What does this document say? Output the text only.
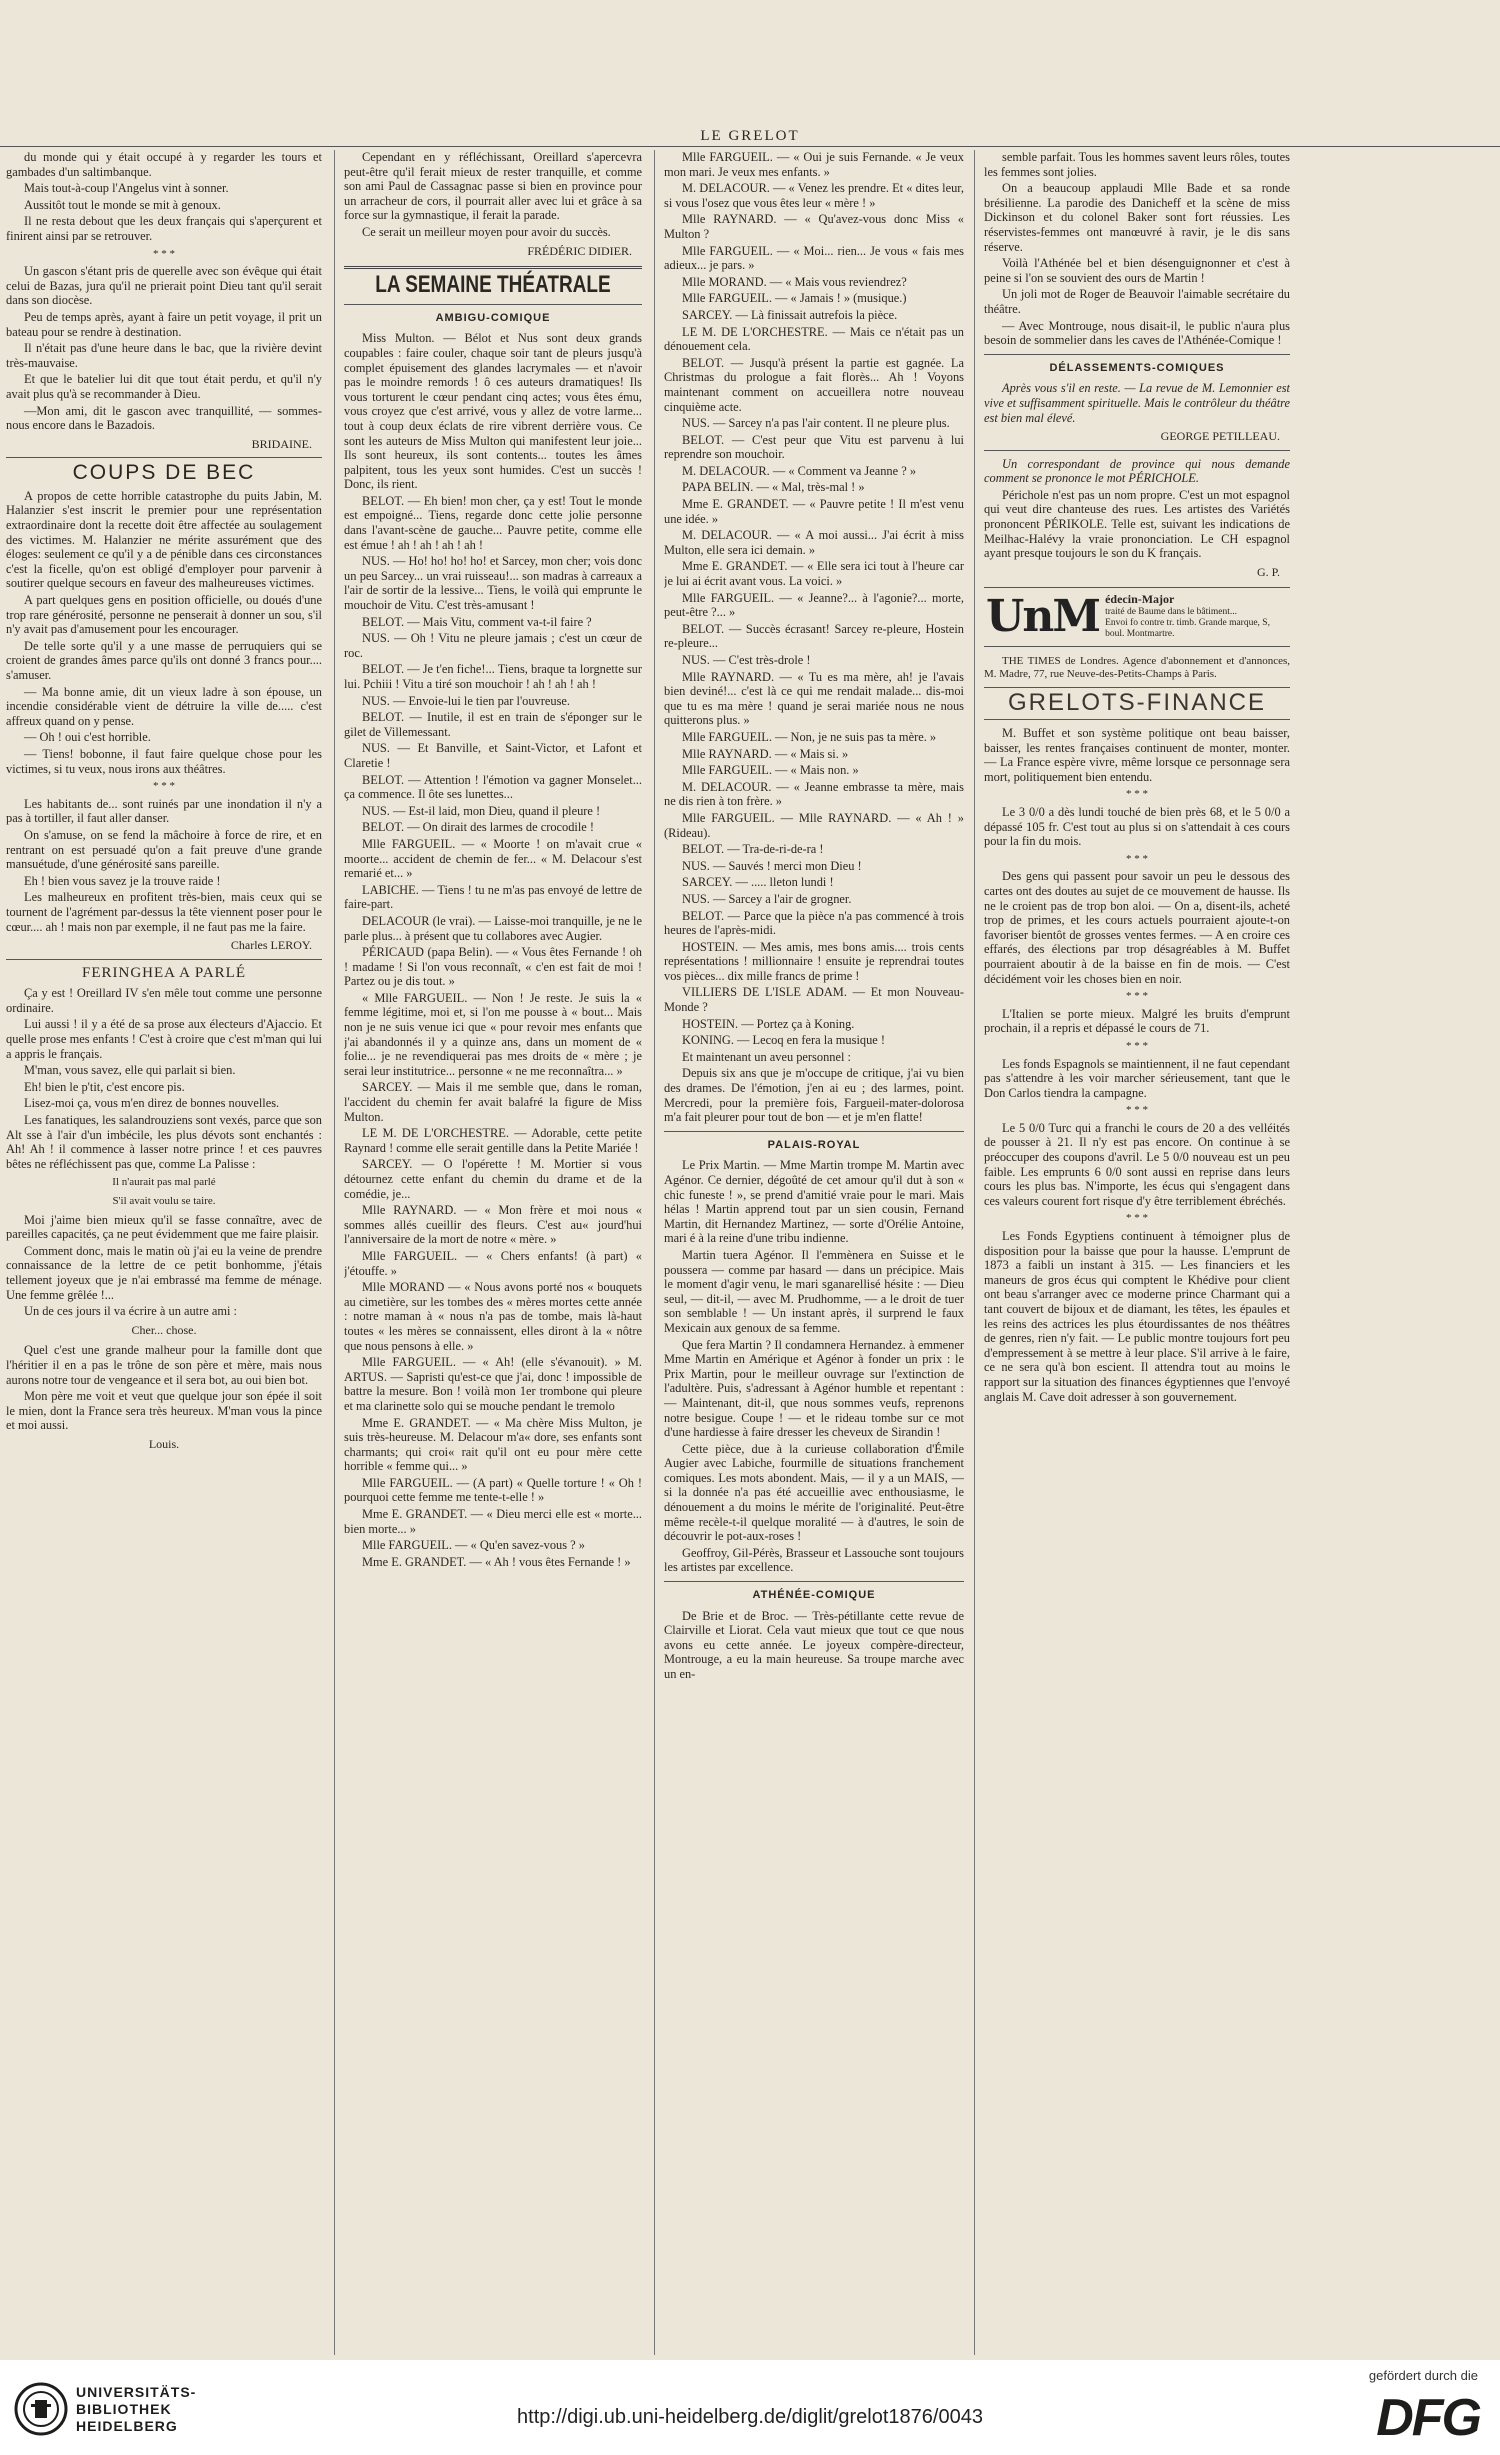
LE GRELOT

du monde qui y était occupé à y regarder les tours et gambades d'un saltimbanque.

Mais tout-à-coup l'Angelus vint à sonner.

Aussitôt tout le monde se mit à genoux.

Il ne resta debout que les deux français qui s'aperçurent et finirent ainsi par se retrouver.

* * *

Un gascon s'étant pris de querelle avec son évêque qui était celui de Bazas, jura qu'il ne prierait point Dieu tant qu'il serait dans son diocèse.

Peu de temps après, ayant à faire un petit voyage, il prit un bateau pour se rendre à destination.

Il n'était pas d'une heure dans le bac, que la rivière devint très-mauvaise.

Et que le batelier lui dit que tout était perdu, et qu'il n'y avait plus qu'à se recommander à Dieu.

—Mon ami, dit le gascon avec tranquillité, — sommes-nous encore dans le Bazadois.

BRIDAINE.
COUPS DE BEC

A propos de cette horrible catastrophe du puits Jabin, M. Halanzier s'est inscrit le premier pour une représentation extraordinaire dont la recette doit être affectée au soulagement des victimes. M. Halanzier ne mérite assurément que des éloges: seulement ce qu'il y a de pénible dans ces circonstances c'est la ficelle, qu'on est obligé d'employer pour parvenir à soutirer quelque secours en faveur des malheureuses victimes.

A part quelques gens en position officielle, ou doués d'une trop rare générosité, personne ne penserait à donner un sou, s'il n'y avait pas d'amusement pour les encourager.

De telle sorte qu'il y a une masse de perruquiers qui se croient de grandes âmes parce qu'ils ont donné 3 francs pour.... s'amuser.

— Ma bonne amie, dit un vieux ladre à son épouse, un incendie considérable vient de détruire la ville de..... c'est affreux quand on y pense.

— Oh ! oui c'est horrible.

— Tiens! bobonne, il faut faire quelque chose pour les victimes, si tu veux, nous irons aux théâtres.

* * *

Les habitants de... sont ruinés par une inondation il n'y a pas à tortiller, il faut aller danser.

On s'amuse, on se fend la mâchoire à force de rire, et en rentrant on est persuadé qu'on a fait preuve d'une grande mansuétude, d'une générosité sans pareille.

Eh ! bien vous savez je la trouve raide !

Les malheureux en profitent très-bien, mais ceux qui se tournent de l'agrément par-dessus la tête viennent poser pour le cœur.... ah ! mais non par exemple, il ne faut pas me la faire.

Charles LEROY.
FERINGHEA A PARLÉ

Ça y est ! Oreillard IV s'en mêle tout comme une personne ordinaire.

Lui aussi ! il y a été de sa prose aux électeurs d'Ajaccio. Et quelle prose mes enfants ! C'est à croire que c'est m'man qui lui a appris le français.

M'man, vous savez, elle qui parlait si bien.

Eh! bien le p'tit, c'est encore pis.

Lisez-moi ça, vous m'en direz de bonnes nouvelles.

Les fanatiques, les salandrouziens sont vexés, parce que son Alt sse à l'air d'un imbécile, les plus dévots sont enchantés : Ah! Ah ! il commence à lasser notre prince ! et ces pauvres bêtes ne réfléchissent pas que, comme La Palisse :

Il n'aurait pas mal parlé
S'il avait voulu se taire.

Moi j'aime bien mieux qu'il se fasse connaître, avec de pareilles capacités, ça ne peut évidemment que me faire plaisir.

Comment donc, mais le matin où j'ai eu la veine de prendre connaissance de la lettre de ce petit bonhomme, j'étais tellement joyeux que je n'ai embrassé ma femme de ménage. Une femme grêlée !...

Un de ces jours il va écrire à un autre ami :

Cher... chose.

Quel c'est une grande malheur pour la famille dont que l'héritier il en a pas le trône de son père et mère, mais nous aurons notre tour de vengeance et il sera bot, au oui bien bot.

Mon père me voit et veut que quelque jour son épée il soit le mien, dont la France sera très heureux. M'man vous la pince et moi aussi.

Louis.

Cependant en y réfléchissant, Oreillard s'apercevra peut-être qu'il ferait mieux de rester tranquille, et comme son ami Paul de Cassagnac passe si bien en province pour un arracheur de cors, il pourrait aller avec lui et grâce à sa force sur la gymnastique, il ferait la parade.

Ce serait un meilleur moyen pour avoir du succès.

FRÉDÉRIC DIDIER.
LA SEMAINE THÉATRALE
AMBIGU-COMIQUE

Miss Multon. — Bélot et Nus sont deux grands coupables : faire couler, chaque soir tant de pleurs jusqu'à complet épuisement des glandes lacrymales — et n'avoir pas le moindre remords ! ô ces auteurs dramatiques! Ils vous torturent le cœur pendant cinq actes; vous êtes ému, vous croyez que c'est arrivé, vous y allez de votre larme... tout à coup deux éclats de rire vibrent derrière vous. Ce sont les auteurs de Miss Multon qui manifestent leur joie... Ils sont heureux, ils sont contents... toutes les âmes palpitent, tous les yeux sont humides. C'est un succès ! Donc, ils rient.

BELOT. — Eh bien! mon cher, ça y est! Tout le monde est empoigné... Tiens, regarde donc cette jolie personne dans l'avant-scène de gauche... Pauvre petite, comme elle est émue ! ah ! ah ! ah ! ah !

NUS. — Ho! ho! ho! ho! et Sarcey, mon cher; vois donc un peu Sarcey... un vrai ruisseau!... son madras à carreaux a l'air de sortir de la lessive... Tiens, le voilà qui emprunte le mouchoir de Vitu. C'est très-amusant !

BELOT. — Mais Vitu, comment va-t-il faire ?

NUS. — Oh ! Vitu ne pleure jamais ; c'est un cœur de roc.

BELOT. — Je t'en fiche!... Tiens, braque ta lorgnette sur lui. Pchiii ! Vitu a tiré son mouchoir ! ah ! ah ! ah !

NUS. — Envoie-lui le tien par l'ouvreuse.

BELOT. — Inutile, il est en train de s'éponger sur le gilet de Villemessant.

NUS. — Et Banville, et Saint-Victor, et Lafont et Claretie !

BELOT. — Attention ! l'émotion va gagner Monselet... ça commence. Il ôte ses lunettes...

NUS. — Est-il laid, mon Dieu, quand il pleure !

BELOT. — On dirait des larmes de crocodile !

Mlle FARGUEIL. — « Moorte ! on m'avait crue « moorte... accident de chemin de fer... « M. Delacour s'est remarié et... »

LABICHE. — Tiens ! tu ne m'as pas envoyé de lettre de faire-part.

DELACOUR (le vrai). — Laisse-moi tranquille, je ne le parle plus... à présent que tu collabores avec Augier.

PÉRICAUD (papa Belin). — « Vous êtes Fernande ! oh ! madame ! Si l'on vous reconnaît, « c'en est fait de moi ! Partez ou je dis tout. »

« Mlle FARGUEIL. — Non ! Je reste. Je suis la « femme légitime, moi et, si l'on me pousse à « bout... Mais non je ne suis venue ici que « pour revoir mes enfants que j'ai abandonnés il y a quinze ans, dans un moment de « folie... je ne revendiquerai pas mes droits de « mère ; je serai leur institutrice... personne « ne me reconnaîtra... »

SARCEY. — Mais il me semble que, dans le roman, l'accident du chemin fer avait balafré la figure de Miss Multon.

LE M. DE L'ORCHESTRE. — Adorable, cette petite Raynard ! comme elle serait gentille dans la Petite Mariée !

SARCEY. — O l'opérette ! M. Mortier si vous détournez cette enfant du chemin du drame et de la comédie, je...

Mlle RAYNARD. — « Mon frère et moi nous « sommes allés cueillir des fleurs. C'est au« jourd'hui l'anniversaire de la mort de notre « mère. »

Mlle FARGUEIL. — « Chers enfants! (à part) « j'étouffe. »

Mlle MORAND — « Nous avons porté nos « bouquets au cimetière, sur les tombes des « mères mortes cette année : notre maman à « nous n'a pas de tombe, mais là-haut toutes « les mères se connaissent, elles diront à la « nôtre que nous pensons à elle. »

Mlle FARGUEIL. — « Ah! (elle s'évanouit). » M. ARTUS. — Sapristi qu'est-ce que j'ai, donc ! impossible de battre la mesure. Bon ! voilà mon 1er trombone qui pleure et ma clarinette solo qui se mouche pendant le tremolo

Mme E. GRANDET. — « Ma chère Miss Multon, je suis très-heureuse. M. Delacour m'a« dore, ses enfants sont charmants; qui croi« rait qu'il ont eu pour mère cette horrible « femme qui... »

Mlle FARGUEIL. — (A part) « Quelle torture ! « Oh ! pourquoi cette femme me tente-t-elle ! »

Mme E. GRANDET. — « Dieu merci elle est « morte... bien morte... »

Mlle FARGUEIL. — « Qu'en savez-vous ? »

Mme E. GRANDET. — « Ah ! vous êtes Fernande ! »

Mlle FARGUEIL. — « Oui je suis Fernande. « Je veux mon mari. Je veux mes enfants. »

M. DELACOUR. — « Venez les prendre. Et « dites leur, si vous l'osez que vous êtes leur « mère ! »

Mlle RAYNARD. — « Qu'avez-vous donc Miss « Multon ?

Mlle FARGUEIL. — « Moi... rien... Je vous « fais mes adieux... je pars. »

Mlle MORAND. — « Mais vous reviendrez?

Mlle FARGUEIL. — « Jamais ! » (musique.)

SARCEY. — Là finissait autrefois la pièce.

LE M. DE L'ORCHESTRE. — Mais ce n'était pas un dénouement cela.

BELOT. — Jusqu'à présent la partie est gagnée. La Christmas du prologue a fait florès... Ah ! Voyons maintenant comment on accueillera notre nouveau cinquième acte.

NUS. — Sarcey n'a pas l'air content. Il ne pleure plus.

BELOT. — C'est peur que Vitu est parvenu à lui reprendre son mouchoir.

M. DELACOUR. — « Comment va Jeanne ? »

PAPA BELIN. — « Mal, très-mal ! »

Mme E. GRANDET. — « Pauvre petite ! Il m'est venu une idée. »

M. DELACOUR. — « A moi aussi... J'ai écrit à miss Multon, elle sera ici demain. »

Mme E. GRANDET. — « Elle sera ici tout à l'heure car je lui ai écrit avant vous. La voici. »

Mlle FARGUEIL. — « Jeanne?... à l'agonie?... morte, peut-être ?... »

BELOT. — Succès écrasant! Sarcey re-pleure, Hostein re-pleure...

NUS. — C'est très-drole !

Mlle RAYNARD. — « Tu es ma mère, ah! je l'avais bien deviné!... c'est là ce qui me rendait malade... dis-moi que tu es ma mère ! quand je serai mariée nous ne nous quitterons plus. »

Mlle FARGUEIL. — Non, je ne suis pas ta mère. »

Mlle RAYNARD. — « Mais si. »

Mlle FARGUEIL. — « Mais non. »

M. DELACOUR. — « Jeanne embrasse ta mère, mais ne dis rien à ton frère. »

Mlle FARGUEIL. — Mlle RAYNARD. — « Ah ! » (Rideau).

BELOT. — Tra-de-ri-de-ra !

NUS. — Sauvés ! merci mon Dieu !

SARCEY. — ..... lleton lundi !

NUS. — Sarcey a l'air de grogner.

BELOT. — Parce que la pièce n'a pas commencé à trois heures de l'après-midi.

HOSTEIN. — Mes amis, mes bons amis.... trois cents représentations ! millionnaire ! ensuite je reprendrai toutes vos pièces... dix mille francs de prime !

VILLIERS DE L'ISLE ADAM. — Et mon Nouveau-Monde ?

HOSTEIN. — Portez ça à Koning.

KONING. — Lecoq en fera la musique !

Et maintenant un aveu personnel :

Depuis six ans que je m'occupe de critique, j'ai vu bien des drames. De l'émotion, j'en ai eu ; des larmes, point. Mercredi, pour la première fois, Fargueil-mater-dolorosa m'a fait pleurer pour tout de bon — et je m'en flatte!

PALAIS-ROYAL

Le Prix Martin. — Mme Martin trompe M. Martin avec Agénor. Ce dernier, dégoûté de cet amour qu'il dut à son « chic funeste ! », se prend d'amitié vraie pour le mari. Mais hélas ! Martin apprend tout par un sien cousin, Fernand Martin, dit Hernandez Martinez, — sorte d'Orélie Antoine, mari é à la reine d'une tribu indienne.

Martin tuera Agénor. Il l'emmènera en Suisse et le poussera — comme par hasard — dans un précipice. Mais le moment d'agir venu, le mari sganarellisé hésite : — Dieu seul, — dit-il, — avec M. Prudhomme, — a le droit de tuer son semblable ! — Un instant après, il surprend le faux Mexicain aux genoux de sa femme.

Que fera Martin ? Il condamnera Hernandez. à emmener Mme Martin en Amérique et Agénor à fonder un prix : le Prix Martin, pour le meilleur ouvrage sur l'extinction de l'adultère. Puis, s'adressant à Agénor humble et repentant : — Maintenant, dit-il, que nous sommes veufs, reprenons notre besigue. Coupe ! — et le rideau tombe sur ce mot d'une hardiesse à faire dresser les cheveux de Sirandin !

Cette pièce, due à la curieuse collaboration d'Émile Augier avec Labiche, fourmille de situations franchement comiques. Les mots abondent. Mais, — il y a un MAIS, — si la donnée n'a pas été accueillie avec enthousiasme, le dénouement a du moins le mérite de l'originalité. Peut-être même recèle-t-il quelque moralité — à d'autres, le soin de découvrir le pot-aux-roses !

Geoffroy, Gil-Pérès, Brasseur et Lassouche sont toujours les artistes par excellence.

ATHÉNÉE-COMIQUE

De Brie et de Broc. — Très-pétillante cette revue de Clairville et Liorat. Cela vaut mieux que tout ce que nous avons eu cette année. Le joyeux compère-directeur, Montrouge, a eu la main heureuse. Sa troupe marche avec un en-

semble parfait. Tous les hommes savent leurs rôles, toutes les femmes sont jolies.

On a beaucoup applaudi Mlle Bade et sa ronde brésilienne. La parodie des Danicheff et la scène de miss Dickinson et du colonel Baker sont fort réussies. Les réservistes-femmes ont manœuvré à ravir, je le dis sans réserve.

Voilà l'Athénée bel et bien désenguignonner et c'est à peine si l'on se souvient des ours de Martin !

Un joli mot de Roger de Beauvoir l'aimable secrétaire du théâtre.

— Avec Montrouge, nous disait-il, le public n'aura plus besoin de sommelier dans les caves de l'Athénée-Comique !

DÉLASSEMENTS-COMIQUES

Après vous s'il en reste. — La revue de M. Lemonnier est vive et suffisamment spirituelle. Mais le contrôleur du théâtre est bien mal élevé.

GEORGE PETILLEAU.

Un correspondant de province qui nous demande comment se prononce le mot PÉRICHOLE.

Périchole n'est pas un nom propre. C'est un mot espagnol qui veut dire chanteuse des rues. Les artistes des Variétés prononcent PÉRIKOLE. Telle est, suivant les indications de Meilhac-Halévy la vraie prononciation. Le CH espagnol ayant presque toujours le son du K français.

G. P.
UnM édecin-Major
traité de Baume dans le bâtiment...
Envoi fo contre tr. timb. Grande marque, S, boul. Montmartre.

THE TIMES de Londres. Agence d'abonnement et d'annonces, M. Madre, 77, rue Neuve-des-Petits-Champs à Paris.

GRELOTS-FINANCE

M. Buffet et son système politique ont beau baisser, baisser, les rentes françaises continuent de monter, monter. — La France espère vivre, même lorsque ce personnage sera mort, politiquement bien entendu.

* * *

Le 3 0/0 a dès lundi touché de bien près 68, et le 5 0/0 a dépassé 105 fr. C'est tout au plus si on s'attendait à ces cours pour la fin du mois.

* * *

Des gens qui passent pour savoir un peu le dessous des cartes ont des doutes au sujet de ce mouvement de hausse. Ils ne le croient pas de trop bon aloi. — On a, disent-ils, acheté trop de primes, et les cours actuels pourraient ajoute-t-on favoriser bientôt de grosses ventes fermes. — A en croire ces effarés, des élections par trop désagréables à M. Buffet pourraient aboutir à de la baisse en fin de mois. — C'est décidément voir les choses bien en noir.

* * *

L'Italien se porte mieux. Malgré les bruits d'emprunt prochain, il a repris et dépassé le cours de 71.

* * *

Les fonds Espagnols se maintiennent, il ne faut cependant pas s'attendre à les voir marcher sérieusement, tant que le Don Carlos tiendra la campagne.

* * *

Le 5 0/0 Turc qui a franchi le cours de 20 a des velléités de pousser à 21. Il n'y est pas encore. On continue à se préoccuper des coupons d'avril. Le 5 0/0 nouveau est un peu faible. Les emprunts 6 0/0 sont aussi en reprise dans leurs cours les plus bas. N'importe, les écus qui s'engagent dans ces valeurs courent fort risque d'y être terriblement ébréchés.

* * *

Les Fonds Egyptiens continuent à témoigner plus de disposition pour la baisse que pour la hausse. L'emprunt de 1873 a faibli un instant à 315. — Les financiers et les maneurs de gros écus qui comptent le Khédive pour client ont beau s'arranger avec ce moderne prince Charmant qui a tant couvert de bijoux et de diamant, les têtes, les épaules et les reins des actrices les plus étourdissantes de nos théâtres de genres, rien n'y fait. — Le public montre toujours fort peu d'empressement à se mettre à leur place. S'il arrive à le faire, ce ne sera qu'à bon escient. Il attendra tout au moins le rapport sur la situation des finances égyptiennes que l'envoyé anglais M. Cave doit adresser à son gouvernement.

UNIVERSITÄTS-
BIBLIOTHEK
HEIDELBERG	http://digi.ub.uni-heidelberg.de/diglit/grelot1876/0043
gefördert durch die
DFG
